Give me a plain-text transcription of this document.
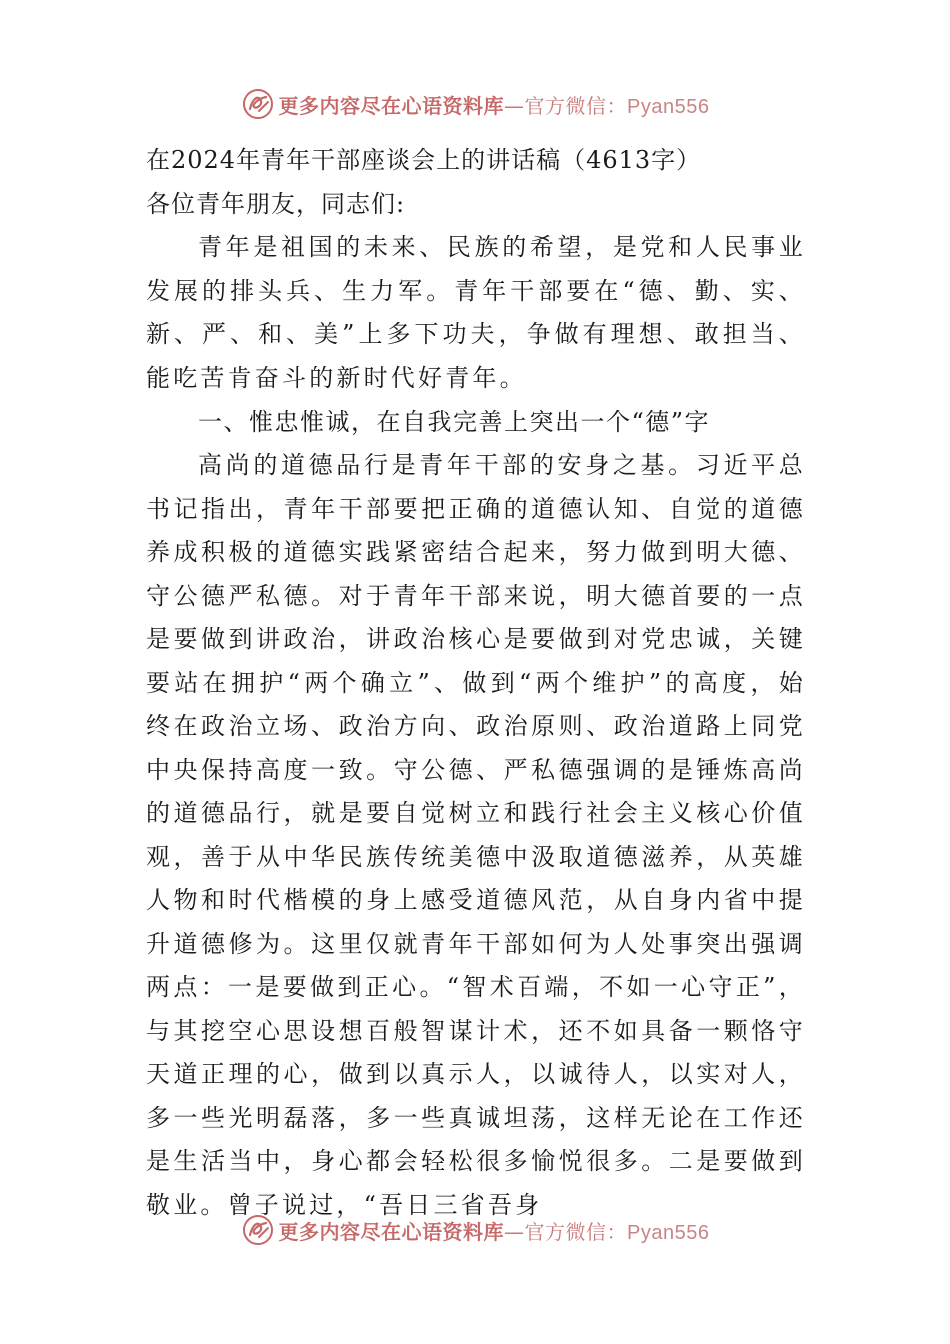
更多内容尽在心语资料库—官方微信：Pyan556
在2024年青年干部座谈会上的讲话稿（4613字）
各位青年朋友，同志们:

青年是祖国的未来、民族的希望，是党和人民事业发展的排头兵、生力军。青年干部要在“德、勤、实、新、严、和、美”上多下功夫，争做有理想、敢担当、能吃苦肯奋斗的新时代好青年。

一、惟忠惟诚，在自我完善上突出一个“德”字

高尚的道德品行是青年干部的安身之基。习近平总书记指出，青年干部要把正确的道德认知、自觉的道德养成积极的道德实践紧密结合起来，努力做到明大德、守公德严私德。对于青年干部来说，明大德首要的一点是要做到讲政治，讲政治核心是要做到对党忠诚，关键要站在拥护“两个确立”、做到“两个维护”的高度，始终在政治立场、政治方向、政治原则、政治道路上同党中央保持高度一致。守公德、严私德强调的是锤炼高尚的道德品行，就是要自觉树立和践行社会主义核心价值观，善于从中华民族传统美德中汲取道德滋养，从英雄人物和时代楷模的身上感受道德风范，从自身内省中提升道德修为。这里仅就青年干部如何为人处事突出强调两点：一是要做到正心。“智术百端，不如一心守正”，与其挖空心思设想百般智谋计术，还不如具备一颗恪守天道正理的心，做到以真示人，以诚待人，以实对人，多一些光明磊落，多一些真诚坦荡，这样无论在工作还是生活当中，身心都会轻松很多愉悦很多。二是要做到敬业。曾子说过，“吾日三省吾身

更多内容尽在心语资料库—官方微信：Pyan556
